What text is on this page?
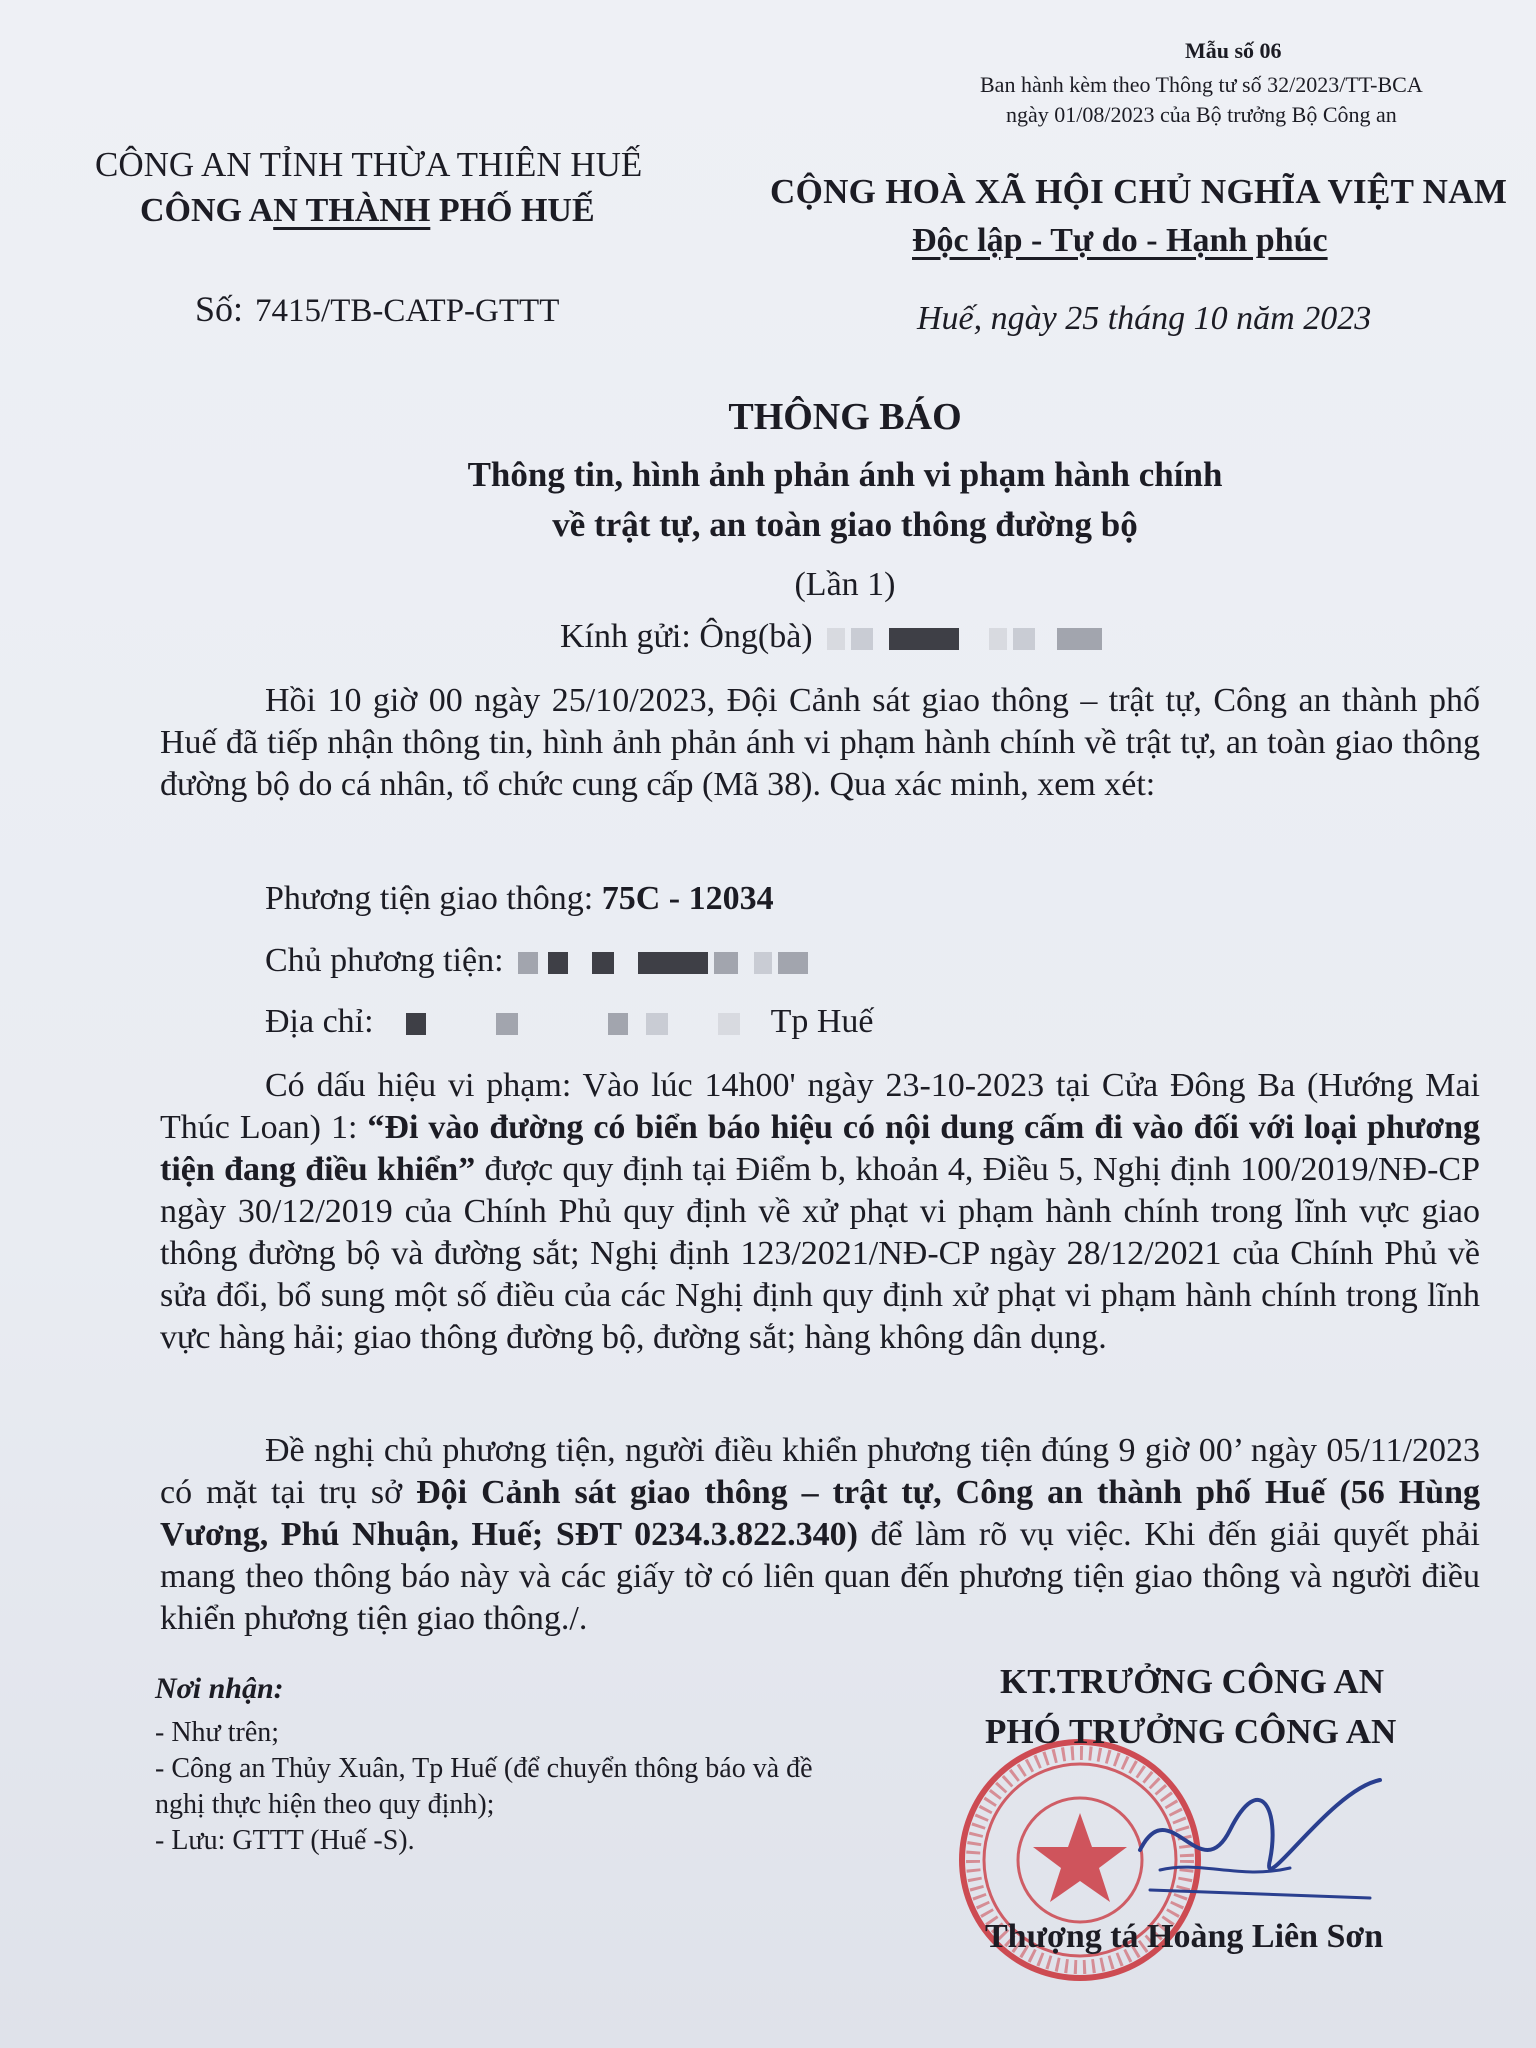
Mẫu số 06
Ban hành kèm theo Thông tư số 32/2023/TT-BCA
ngày 01/08/2023 của Bộ trưởng Bộ Công an
CÔNG AN TỈNH THỪA THIÊN HUẾ
CÔNG AN THÀNH PHỐ HUẾ
Số: 7415/TB-CATP-GTTT
CỘNG HOÀ XÃ HỘI CHỦ NGHĨA VIỆT NAM
Độc lập - Tự do - Hạnh phúc
Huế, ngày 25 tháng 10 năm 2023
THÔNG BÁO
Thông tin, hình ảnh phản ánh vi phạm hành chính
về trật tự, an toàn giao thông đường bộ
(Lần 1)
Kính gửi: Ông(bà)
Hồi 10 giờ 00 ngày 25/10/2023, Đội Cảnh sát giao thông – trật tự, Công an thành phố Huế đã tiếp nhận thông tin, hình ảnh phản ánh vi phạm hành chính về trật tự, an toàn giao thông đường bộ do cá nhân, tổ chức cung cấp (Mã 38). Qua xác minh, xem xét:
Phương tiện giao thông: 75C - 12034
Chủ phương tiện:
Địa chỉ:	Tp Huế
Có dấu hiệu vi phạm: Vào lúc 14h00' ngày 23-10-2023 tại Cửa Đông Ba (Hướng Mai Thúc Loan) 1: “Đi vào đường có biển báo hiệu có nội dung cấm đi vào đối với loại phương tiện đang điều khiển” được quy định tại Điểm b, khoản 4, Điều 5, Nghị định 100/2019/NĐ-CP ngày 30/12/2019 của Chính Phủ quy định về xử phạt vi phạm hành chính trong lĩnh vực giao thông đường bộ và đường sắt; Nghị định 123/2021/NĐ-CP ngày 28/12/2021 của Chính Phủ về sửa đổi, bổ sung một số điều của các Nghị định quy định xử phạt vi phạm hành chính trong lĩnh vực hàng hải; giao thông đường bộ, đường sắt; hàng không dân dụng.
Đề nghị chủ phương tiện, người điều khiển phương tiện đúng 9 giờ 00’ ngày 05/11/2023 có mặt tại trụ sở Đội Cảnh sát giao thông – trật tự, Công an thành phố Huế (56 Hùng Vương, Phú Nhuận, Huế; SĐT 0234.3.822.340) để làm rõ vụ việc. Khi đến giải quyết phải mang theo thông báo này và các giấy tờ có liên quan đến phương tiện giao thông và người điều khiển phương tiện giao thông./.
Nơi nhận:
- Như trên;
- Công an Thủy Xuân, Tp Huế (để chuyển thông báo và đề nghị thực hiện theo quy định);
- Lưu: GTTT (Huế -S).
KT.TRƯỞNG CÔNG AN
PHÓ TRƯỞNG CÔNG AN
Thượng tá Hoàng Liên Sơn
